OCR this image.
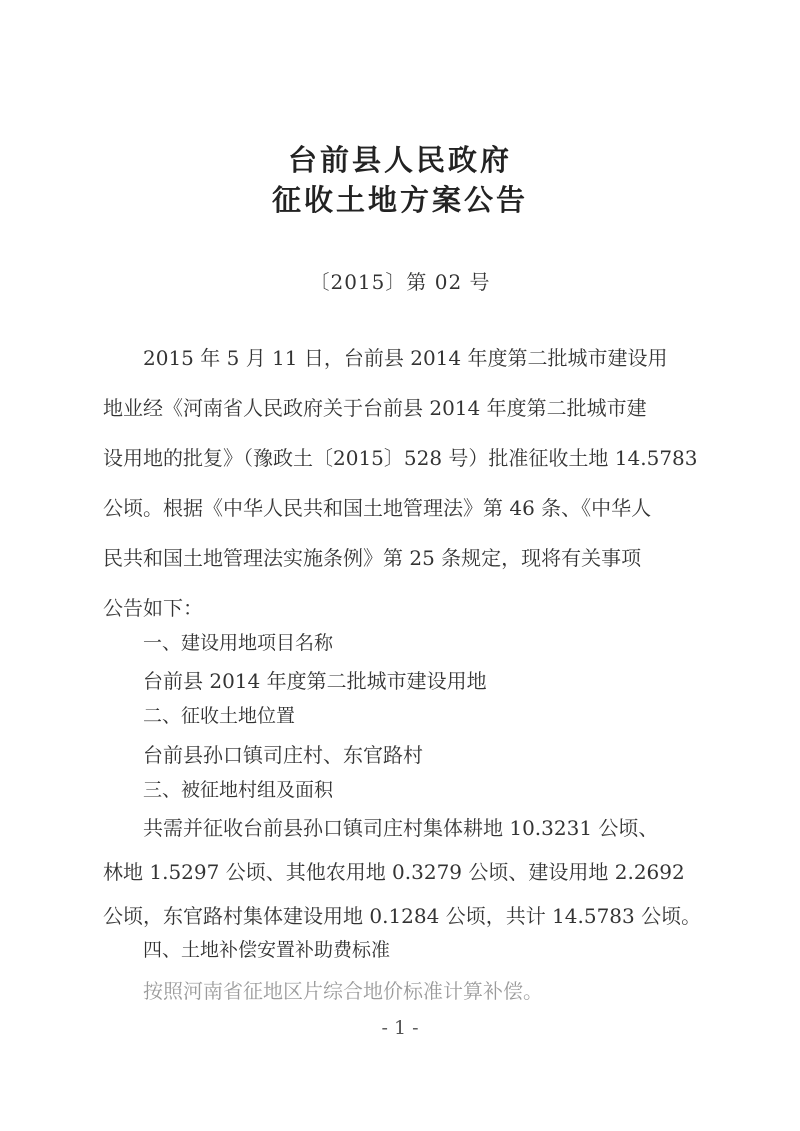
台前县人民政府
征收土地方案公告
〔2015〕第 02 号
2015 年 5 月 11 日，台前县 2014 年度第二批城市建设用
地业经《河南省人民政府关于台前县 2014 年度第二批城市建
设用地的批复》（豫政土〔2015〕528 号）批准征收土地 14.5783
公顷。根据《中华人民共和国土地管理法》第 46 条、《中华人
民共和国土地管理法实施条例》第 25 条规定，现将有关事项
公告如下：
一、建设用地项目名称
台前县 2014 年度第二批城市建设用地
二、征收土地位置
台前县孙口镇司庄村、东官路村
三、被征地村组及面积
共需并征收台前县孙口镇司庄村集体耕地 10.3231 公顷、
林地 1.5297 公顷、其他农用地 0.3279 公顷、建设用地 2.2692
公顷，东官路村集体建设用地 0.1284 公顷，共计 14.5783 公顷。
四、土地补偿安置补助费标准
按照河南省征地区片综合地价标准计算补偿。
- 1 -
